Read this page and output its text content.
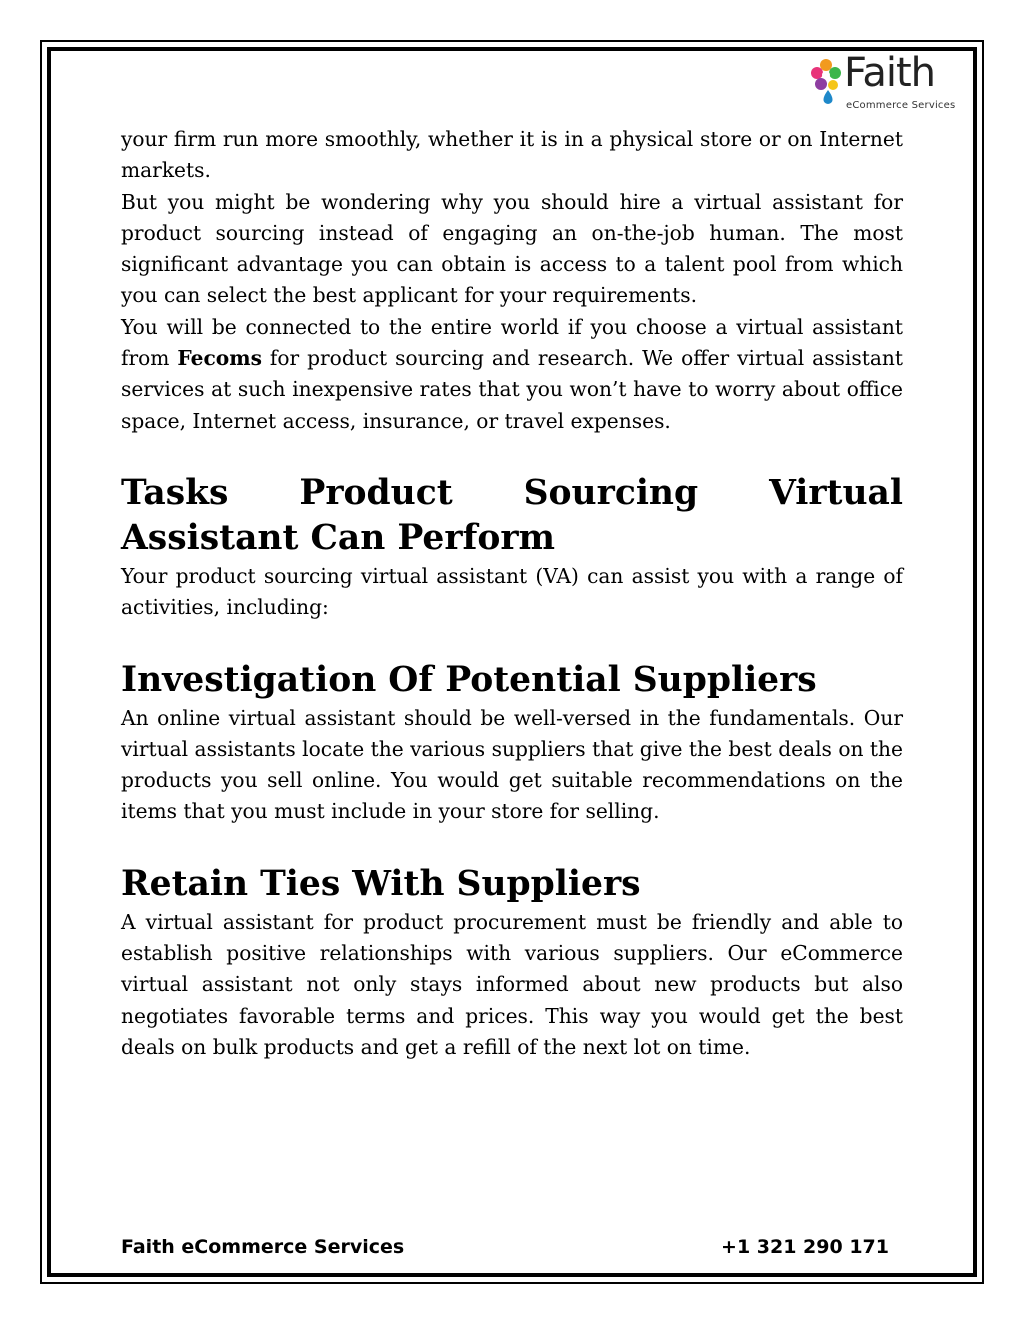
Faith
eCommerce Services

your firm run more smoothly, whether it is in a physical store or on Internet markets.

But you might be wondering why you should hire a virtual assistant for product sourcing instead of engaging an on-the-job human. The most significant advantage you can obtain is access to a talent pool from which you can select the best applicant for your requirements.

You will be connected to the entire world if you choose a virtual assistant from Fecoms for product sourcing and research. We offer virtual assistant services at such inexpensive rates that you won’t have to worry about office space, Internet access, insurance, or travel expenses.

Tasks Product Sourcing Virtual Assistant Can Perform

Your product sourcing virtual assistant (VA) can assist you with a range of activities, including:

Investigation Of Potential Suppliers

An online virtual assistant should be well-versed in the fundamentals. Our virtual assistants locate the various suppliers that give the best deals on the products you sell online. You would get suitable recommendations on the items that you must include in your store for selling.

Retain Ties With Suppliers

A virtual assistant for product procurement must be friendly and able to establish positive relationships with various suppliers. Our eCommerce virtual assistant not only stays informed about new products but also negotiates favorable terms and prices. This way you would get the best deals on bulk products and get a refill of the next lot on time.

Faith eCommerce Services	+1 321 290 171
